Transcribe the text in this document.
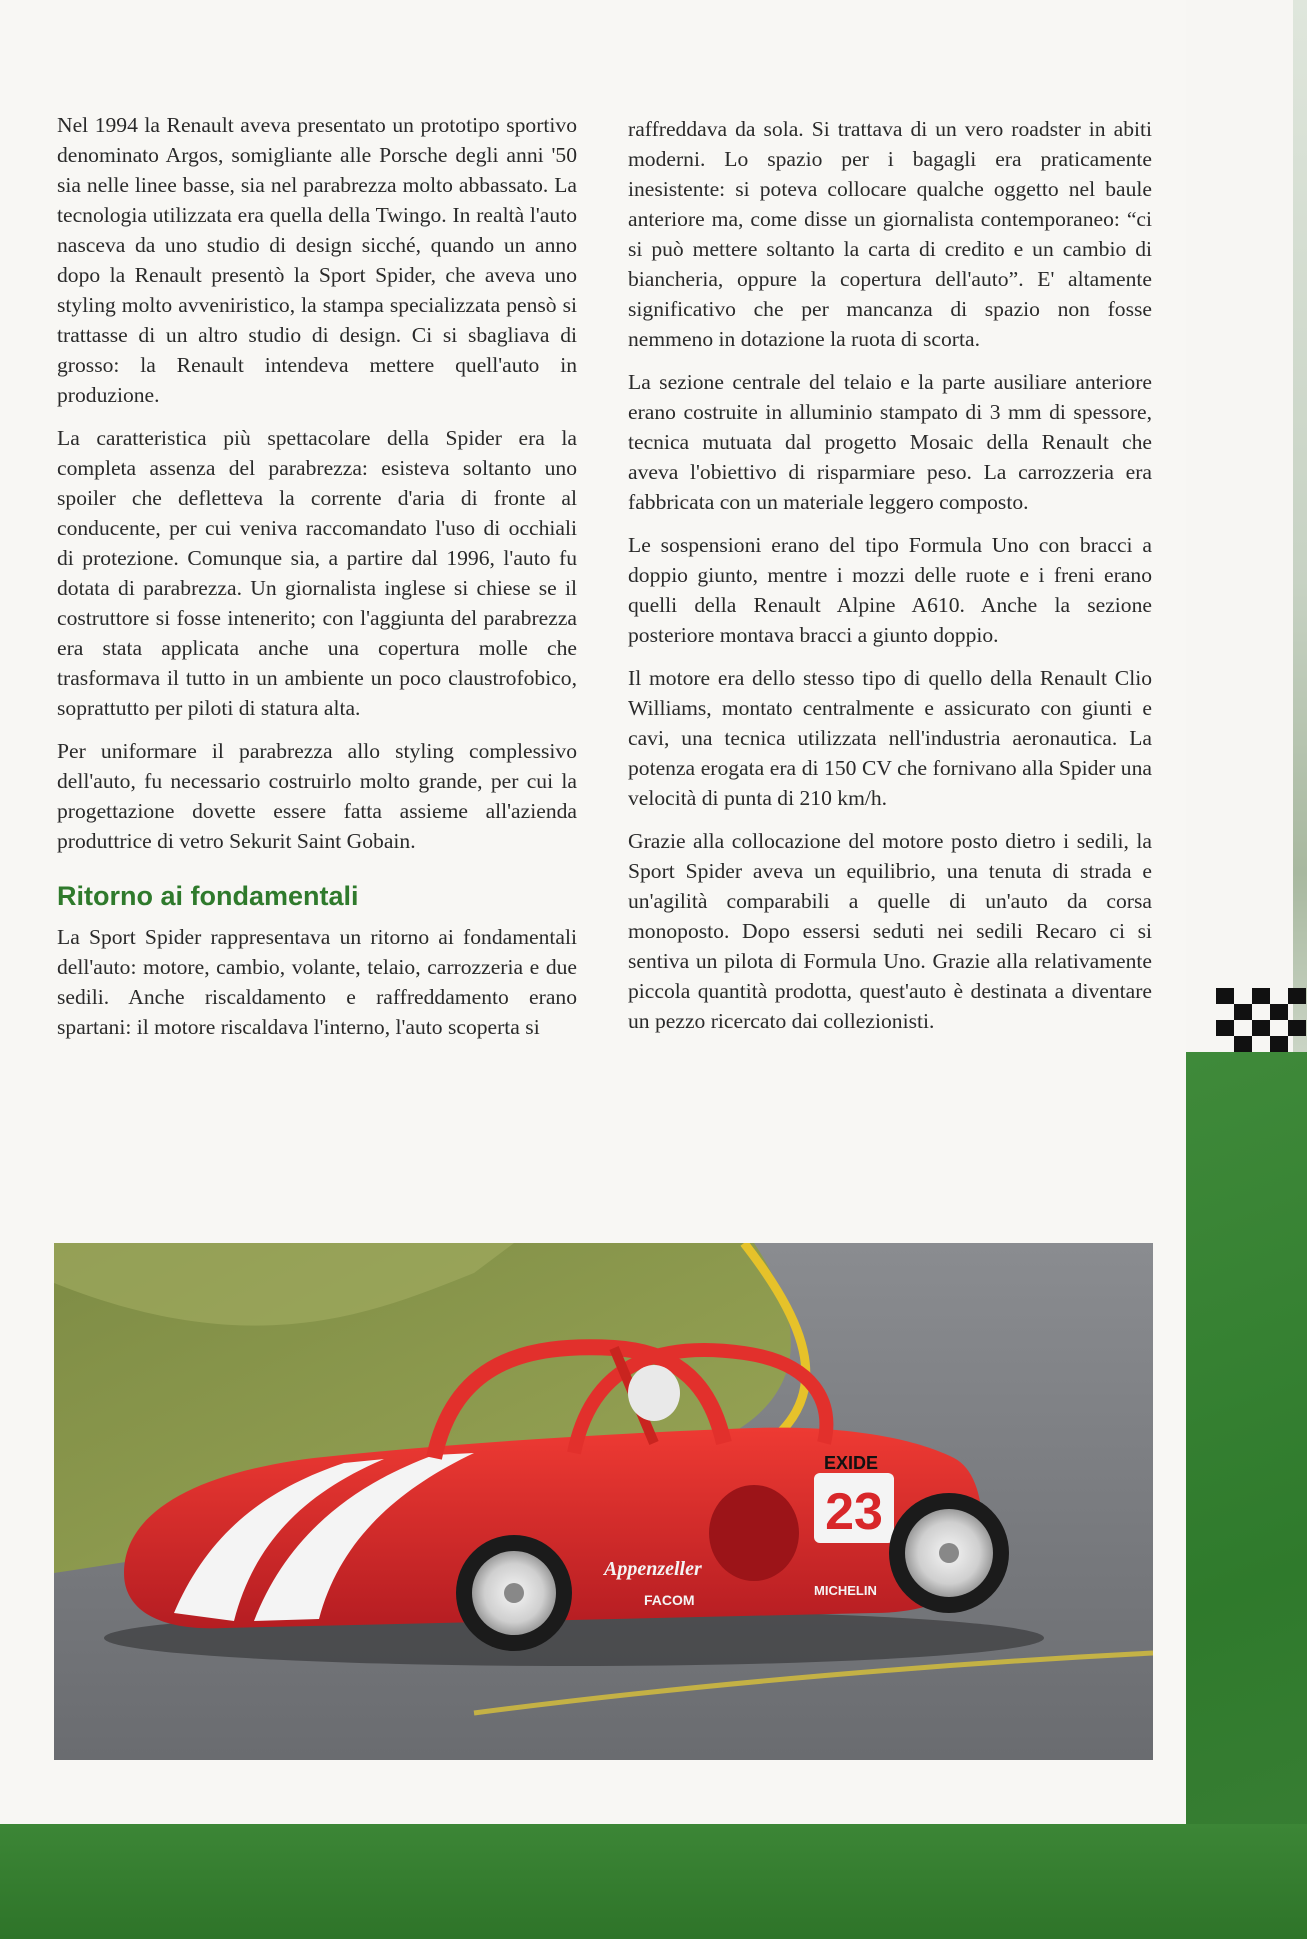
Nel 1994 la Renault aveva presentato un prototipo sportivo denominato Argos, somigliante alle Porsche degli anni '50 sia nelle linee basse, sia nel parabrezza molto abbassato. La tecnologia utilizzata era quella della Twingo. In realtà l'auto nasceva da uno studio di design sicché, quando un anno dopo la Renault presentò la Sport Spider, che aveva uno styling molto avveniristico, la stampa specializzata pensò si trattasse di un altro studio di design. Ci si sbagliava di grosso: la Renault intendeva mettere quell'auto in produzione.

La caratteristica più spettacolare della Spider era la completa assenza del parabrezza: esisteva soltanto uno spoiler che defletteva la corrente d'aria di fronte al conducente, per cui veniva raccomandato l'uso di occhiali di protezione. Comunque sia, a partire dal 1996, l'auto fu dotata di parabrezza. Un giornalista inglese si chiese se il costruttore si fosse intenerito; con l'aggiunta del parabrezza era stata applicata anche una copertura molle che trasformava il tutto in un ambiente un poco claustrofobico, soprattutto per piloti di statura alta.

Per uniformare il parabrezza allo styling complessivo dell'auto, fu necessario costruirlo molto grande, per cui la progettazione dovette essere fatta assieme all'azienda produttrice di vetro Sekurit Saint Gobain.

Ritorno ai fondamentali

La Sport Spider rappresentava un ritorno ai fondamentali dell'auto: motore, cambio, volante, telaio, carrozzeria e due sedili. Anche riscaldamento e raffreddamento erano spartani: il motore riscaldava l'interno, l'auto scoperta si

raffreddava da sola. Si trattava di un vero roadster in abiti moderni. Lo spazio per i bagagli era praticamente inesistente: si poteva collocare qualche oggetto nel baule anteriore ma, come disse un giornalista contemporaneo: “ci si può mettere soltanto la carta di credito e un cambio di biancheria, oppure la copertura dell'auto”. E' altamente significativo che per mancanza di spazio non fosse nemmeno in dotazione la ruota di scorta.

La sezione centrale del telaio e la parte ausiliare anteriore erano costruite in alluminio stampato di 3 mm di spessore, tecnica mutuata dal progetto Mosaic della Renault che aveva l'obiettivo di risparmiare peso. La carrozzeria era fabbricata con un materiale leggero composto.

Le sospensioni erano del tipo Formula Uno con bracci a doppio giunto, mentre i mozzi delle ruote e i freni erano quelli della Renault Alpine A610. Anche la sezione posteriore montava bracci a giunto doppio.

Il motore era dello stesso tipo di quello della Renault Clio Williams, montato centralmente e assicurato con giunti e cavi, una tecnica utilizzata nell'industria aeronautica. La potenza erogata era di 150 CV che fornivano alla Spider una velocità di punta di 210 km/h.

Grazie alla collocazione del motore posto dietro i sedili, la Sport Spider aveva un equilibrio, una tenuta di strada e un'agilità comparabili a quelle di un'auto da corsa monoposto. Dopo essersi seduti nei sedili Recaro ci si sentiva un pilota di Formula Uno. Grazie alla relativamente piccola quantità prodotta, quest'auto è destinata a diventare un pezzo ricercato dai collezionisti.

23
EXIDE
Appenzeller
FACOM
MICHELIN
